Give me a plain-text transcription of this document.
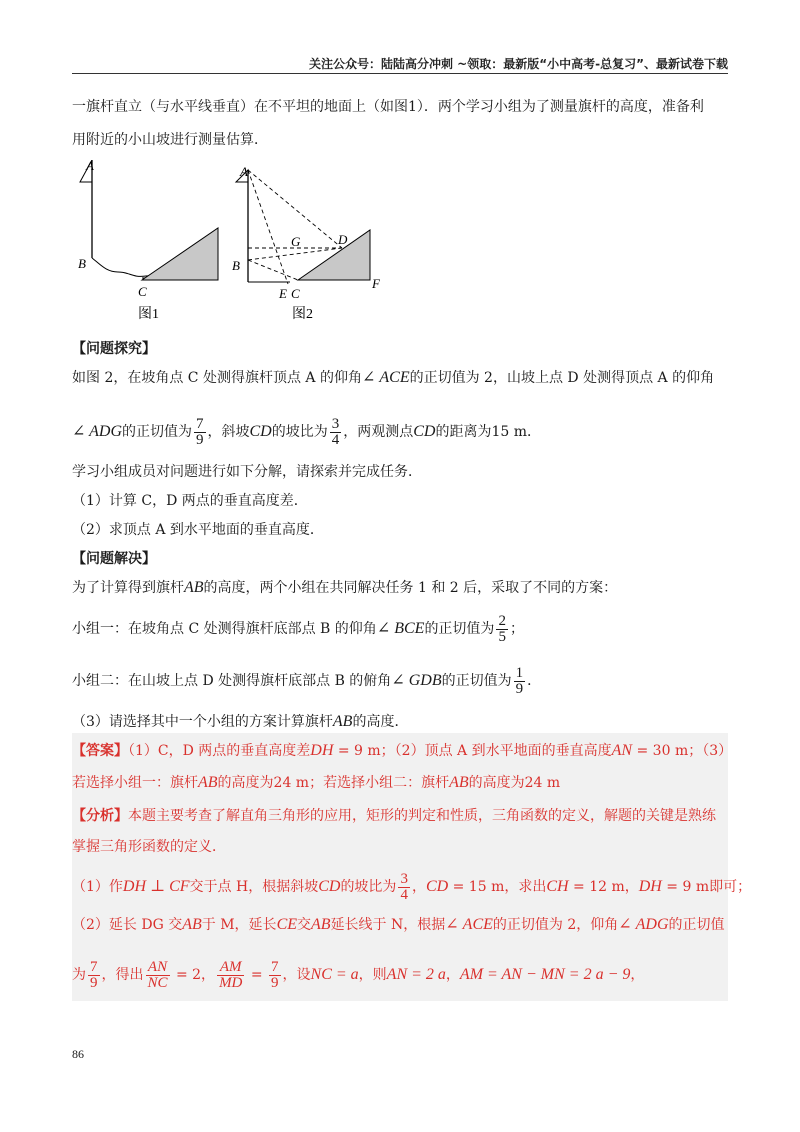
关注公众号：陆陆高分冲刺 ~领取：最新版“小中高考-总复习”、最新试卷下载
一旗杆直立（与水平线垂直）在不平坦的地面上（如图1）．两个学习小组为了测量旗杆的高度，准备利
用附近的小山坡进行测量估算．
A
B
C
图1
A
B
G	D
E C
F
图2
【问题探究】
如图 2，在坡角点 C 处测得旗杆顶点 A 的仰角∠ ACE的正切值为 2，山坡上点 D 处测得顶点 A 的仰角
∠ ADG的正切值为 $\frac{7}{9}$ ，斜坡CD的坡比为 $\frac{3}{4}$ ，两观测点CD的距离为15 m．
学习小组成员对问题进行如下分解，请探索并完成任务．
（1）计算 C，D 两点的垂直高度差．
（2）求顶点 A 到水平地面的垂直高度．
【问题解决】
为了计算得到旗杆AB的高度，两个小组在共同解决任务 1 和 2 后，采取了不同的方案：
小组一：在坡角点 C 处测得旗杆底部点 B 的仰角∠ BCE的正切值为 $\frac{2}{5}$ ；
小组二：在山坡上点 D 处测得旗杆底部点 B 的俯角∠ GDB的正切值为 $\frac{1}{9}$ ．
（3）请选择其中一个小组的方案计算旗杆AB的高度．
【答案】（1）C，D 两点的垂直高度差DH = 9 m；（2）顶点 A 到水平地面的垂直高度AN = 30 m；（3）
若选择小组一：旗杆AB的高度为24 m；若选择小组二：旗杆AB的高度为24 m
【分析】本题主要考查了解直角三角形的应用，矩形的判定和性质，三角函数的定义，解题的关键是熟练
掌握三角形函数的定义．
（1）作DH ⊥ CF交于点 H，根据斜坡CD的坡比为 $\frac{3}{4}$ ，CD = 15 m，求出CH = 12 m，DH = 9 m即可；
（2）延长 DG 交AB于 M，延长CE交AB延长线于 N，根据∠ ACE的正切值为 2，仰角∠ ADG的正切值
为 $\frac{7}{9}$ ，得出 $\frac{AN}{NC} = 2$， $\frac{AM}{MD} = \frac{7}{9}$ ，设NC = a，则AN = 2 a，AM = AN − MN = 2 a − 9，
86
